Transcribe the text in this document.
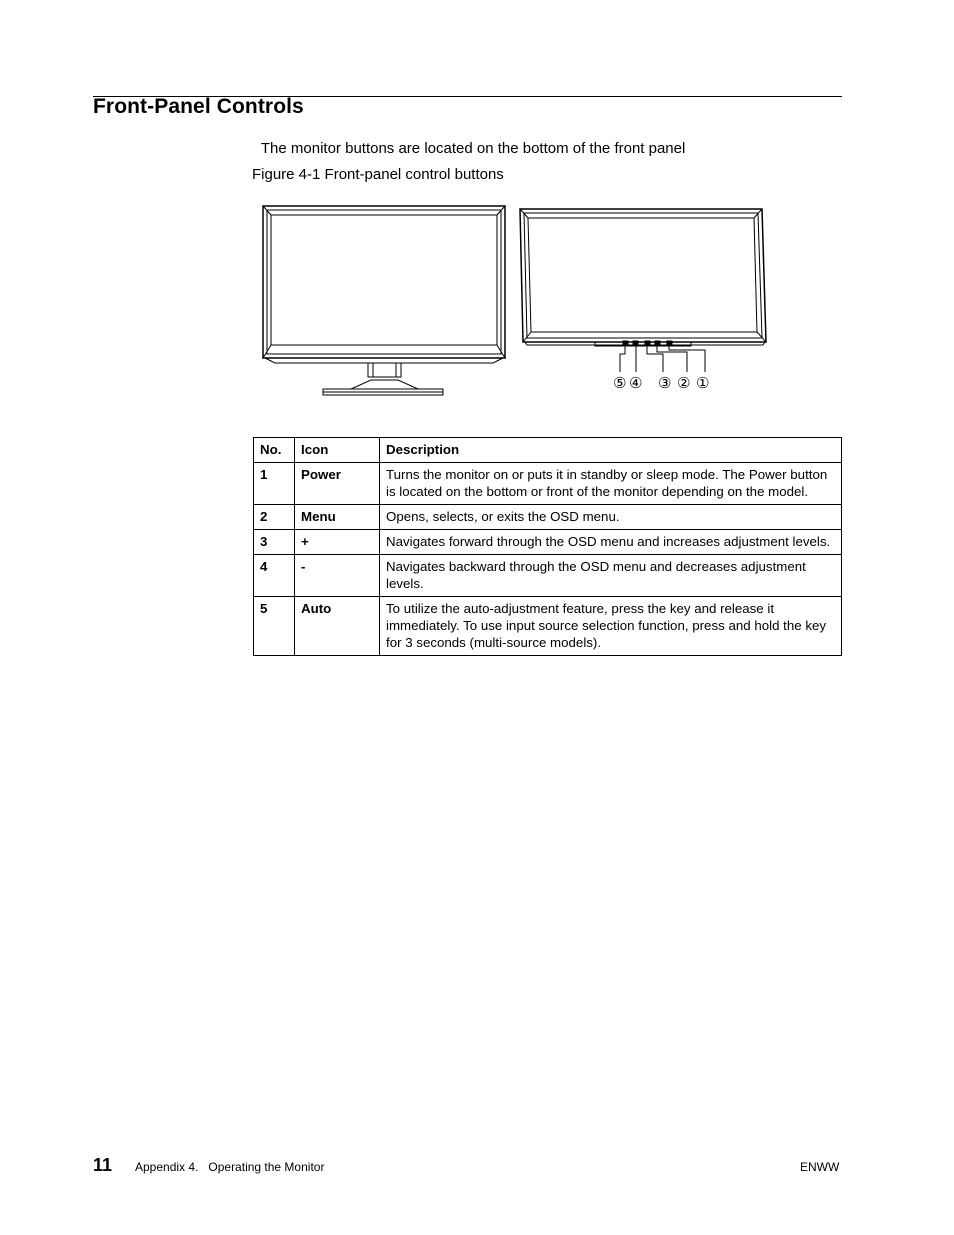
Front-Panel Controls
The monitor buttons are located on the bottom of the front panel
Figure 4-1 Front-panel control buttons
⑤ ④ ③ ② ①
No.	Icon	Description
1	Power	Turns the monitor on or puts it in standby or sleep mode. The Power button is located on the bottom or front of the monitor depending on the model.
2	Menu	Opens, selects, or exits the OSD menu.
3	+	Navigates forward through the OSD menu and increases adjustment levels.
4	-	Navigates backward through the OSD menu and decreases adjustment levels.
5	Auto	To utilize the auto-adjustment feature, press the key and release it immediately. To use input source selection function, press and hold the key for 3 seconds (multi-source models).
11 Appendix 4.   Operating the Monitor	ENWW
